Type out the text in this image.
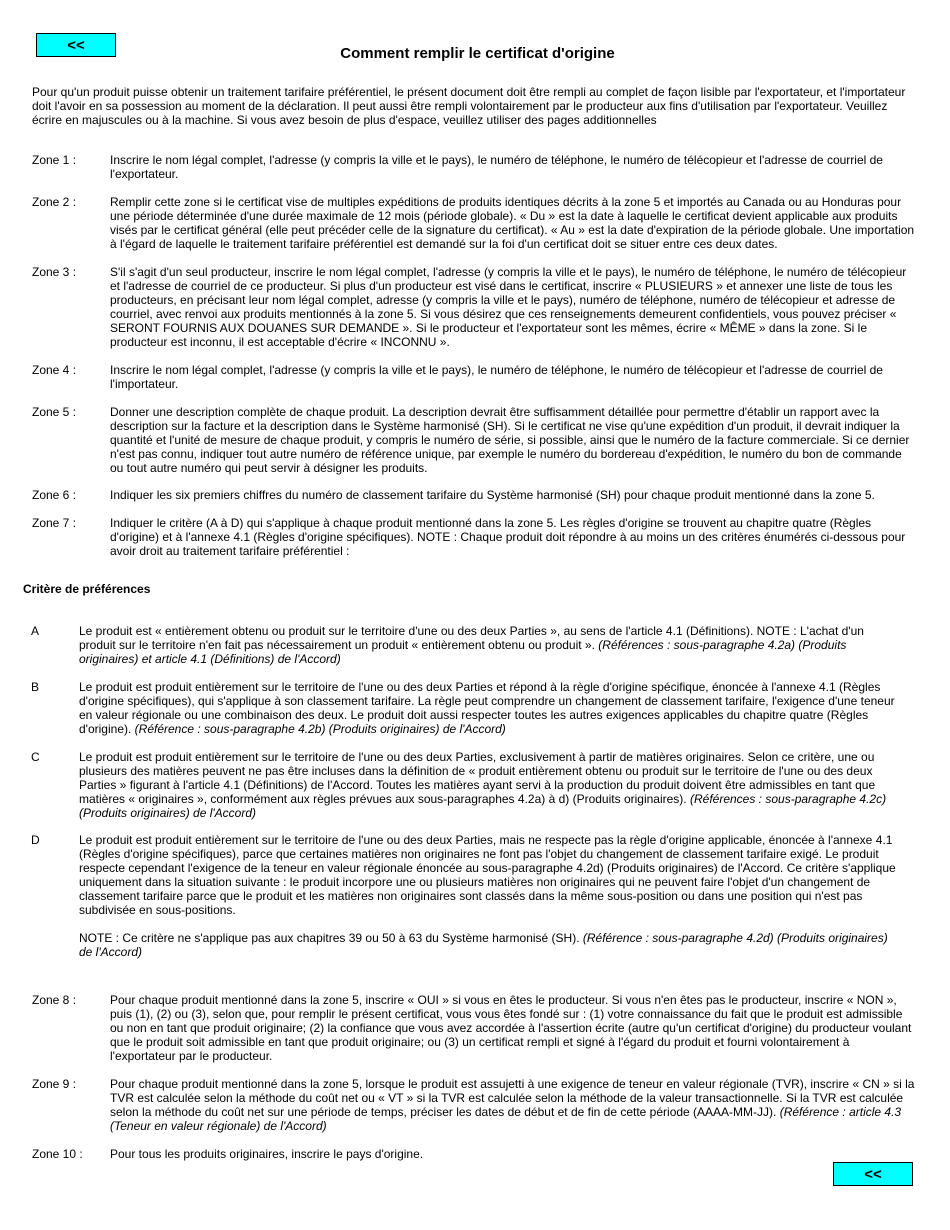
<<	Comment remplir le certificat d'origine

Pour qu'un produit puisse obtenir un traitement tarifaire préférentiel, le présent document doit être rempli au complet de façon lisible par l'exportateur, et l'importateur doit l'avoir en sa possession au moment de la déclaration. Il peut aussi être rempli volontairement par le producteur aux fins d'utilisation par l'exportateur. Veuillez écrire en majuscules ou à la machine. Si vous avez besoin de plus d'espace, veuillez utiliser des pages additionnelles

Zone 1 :	Inscrire le nom légal complet, l'adresse (y compris la ville et le pays), le numéro de téléphone, le numéro de télécopieur et l'adresse de courriel de l'exportateur.
Zone 2 :	Remplir cette zone si le certificat vise de multiples expéditions de produits identiques décrits à la zone 5 et importés au Canada ou au Honduras pour une période déterminée d'une durée maximale de 12 mois (période globale). « Du » est la date à laquelle le certificat devient applicable aux produits visés par le certificat général (elle peut précéder celle de la signature du certificat). « Au » est la date d'expiration de la période globale. Une importation à l'égard de laquelle le traitement tarifaire préférentiel est demandé sur la foi d'un certificat doit se situer entre ces deux dates.
Zone 3 :	S'il s'agit d'un seul producteur, inscrire le nom légal complet, l'adresse (y compris la ville et le pays), le numéro de téléphone, le numéro de télécopieur et l'adresse de courriel de ce producteur. Si plus d'un producteur est visé dans le certificat, inscrire « PLUSIEURS » et annexer une liste de tous les producteurs, en précisant leur nom légal complet, adresse (y compris la ville et le pays), numéro de téléphone, numéro de télécopieur et adresse de courriel, avec renvoi aux produits mentionnés à la zone 5. Si vous désirez que ces renseignements demeurent confidentiels, vous pouvez préciser « SERONT FOURNIS AUX DOUANES SUR DEMANDE ». Si le producteur et l'exportateur sont les mêmes, écrire « MÊME » dans la zone. Si le producteur est inconnu, il est acceptable d'écrire « INCONNU ».
Zone 4 :	Inscrire le nom légal complet, l'adresse (y compris la ville et le pays), le numéro de téléphone, le numéro de télécopieur et l'adresse de courriel de l'importateur.
Zone 5 :	Donner une description complète de chaque produit. La description devrait être suffisamment détaillée pour permettre d'établir un rapport avec la description sur la facture et la description dans le Système harmonisé (SH). Si le certificat ne vise qu'une expédition d'un produit, il devrait indiquer la quantité et l'unité de mesure de chaque produit, y compris le numéro de série, si possible, ainsi que le numéro de la facture commerciale. Si ce dernier n'est pas connu, indiquer tout autre numéro de référence unique, par exemple le numéro du bordereau d'expédition, le numéro du bon de commande ou tout autre numéro qui peut servir à désigner les produits.
Zone 6 :	Indiquer les six premiers chiffres du numéro de classement tarifaire du Système harmonisé (SH) pour chaque produit mentionné dans la zone 5.
Zone 7 :	Indiquer le critère (A à D) qui s'applique à chaque produit mentionné dans la zone 5. Les règles d'origine se trouvent au chapitre quatre (Règles d'origine) et à l'annexe 4.1 (Règles d'origine spécifiques). NOTE : Chaque produit doit répondre à au moins un des critères énumérés ci-dessous pour avoir droit au traitement tarifaire préférentiel :
Critère de préférences
A	Le produit est « entièrement obtenu ou produit sur le territoire d'une ou des deux Parties », au sens de l'article 4.1 (Définitions). NOTE : L'achat d'un produit sur le territoire n'en fait pas nécessairement un produit « entièrement obtenu ou produit ». (Références : sous-paragraphe 4.2a) (Produits originaires) et article 4.1 (Définitions) de l'Accord)

B	Le produit est produit entièrement sur le territoire de l'une ou des deux Parties et répond à la règle d'origine spécifique, énoncée à l'annexe 4.1 (Règles d'origine spécifiques), qui s'applique à son classement tarifaire. La règle peut comprendre un changement de classement tarifaire, l'exigence d'une teneur en valeur régionale ou une combinaison des deux. Le produit doit aussi respecter toutes les autres exigences applicables du chapitre quatre (Règles d'origine). (Référence : sous-paragraphe 4.2b) (Produits originaires) de l'Accord)

C	Le produit est produit entièrement sur le territoire de l'une ou des deux Parties, exclusivement à partir de matières originaires. Selon ce critère, une ou plusieurs des matières peuvent ne pas être incluses dans la définition de « produit entièrement obtenu ou produit sur le territoire de l'une ou des deux Parties » figurant à l'article 4.1 (Définitions) de l'Accord. Toutes les matières ayant servi à la production du produit doivent être admissibles en tant que matières « originaires », conformément aux règles prévues aux sous-paragraphes 4.2a) à d) (Produits originaires). (Références : sous-paragraphe 4.2c) (Produits originaires) de l'Accord)

D	Le produit est produit entièrement sur le territoire de l'une ou des deux Parties, mais ne respecte pas la règle d'origine applicable, énoncée à l'annexe 4.1 (Règles d'origine spécifiques), parce que certaines matières non originaires ne font pas l'objet du changement de classement tarifaire exigé. Le produit respecte cependant l'exigence de la teneur en valeur régionale énoncée au sous-paragraphe 4.2d) (Produits originaires) de l'Accord. Ce critère s'applique uniquement dans la situation suivante : le produit incorpore une ou plusieurs matières non originaires qui ne peuvent faire l'objet d'un changement de classement tarifaire parce que le produit et les matières non originaires sont classés dans la même sous-position ou dans une position qui n'est pas subdivisée en sous-positions.

NOTE : Ce critère ne s'applique pas aux chapitres 39 ou 50 à 63 du Système harmonisé (SH). (Référence : sous-paragraphe 4.2d) (Produits originaires) de l'Accord)

Zone 8 :	Pour chaque produit mentionné dans la zone 5, inscrire « OUI » si vous en êtes le producteur. Si vous n'en êtes pas le producteur, inscrire « NON », puis (1), (2) ou (3), selon que, pour remplir le présent certificat, vous vous êtes fondé sur : (1) votre connaissance du fait que le produit est admissible ou non en tant que produit originaire; (2) la confiance que vous avez accordée à l'assertion écrite (autre qu'un certificat d'origine) du producteur voulant que le produit soit admissible en tant que produit originaire; ou (3) un certificat rempli et signé à l'égard du produit et fourni volontairement à l'exportateur par le producteur.
Zone 9 :	Pour chaque produit mentionné dans la zone 5, lorsque le produit est assujetti à une exigence de teneur en valeur régionale (TVR), inscrire « CN » si la TVR est calculée selon la méthode du coût net ou « VT » si la TVR est calculée selon la méthode de la valeur transactionnelle. Si la TVR est calculée selon la méthode du coût net sur une période de temps, préciser les dates de début et de fin de cette période (AAAA-MM-JJ). (Référence : article 4.3 (Teneur en valeur régionale) de l'Accord)
Zone 10 :	Pour tous les produits originaires, inscrire le pays d'origine.
<<
